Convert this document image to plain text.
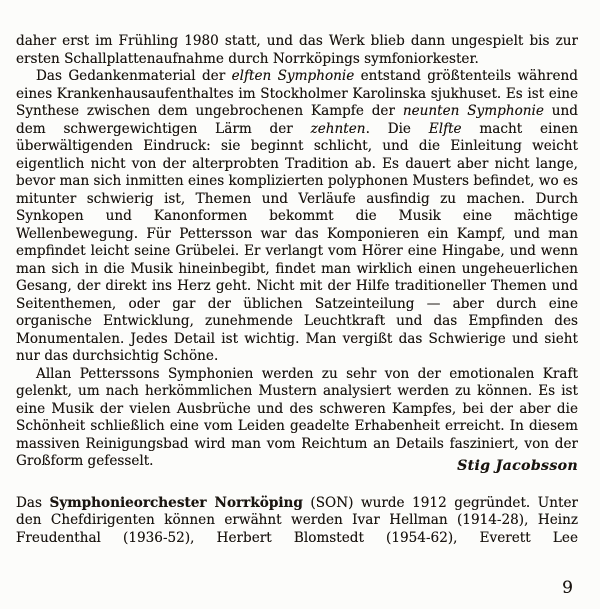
daher erst im Frühling 1980 statt, und das Werk blieb dann ungespielt bis zur ersten Schallplattenaufnahme durch Norrköpings symfoniorkester.

Das Gedankenmaterial der elften Symphonie entstand größtenteils während eines Krankenhausaufenthaltes im Stockholmer Karolinska sjukhuset. Es ist eine Synthese zwischen dem ungebrochenen Kampfe der neunten Symphonie und dem schwergewichtigen Lärm der zehnten. Die Elfte macht einen überwältigenden Eindruck: sie beginnt schlicht, und die Einleitung weicht eigentlich nicht von der alterprobten Tradition ab. Es dauert aber nicht lange, bevor man sich inmitten eines komplizierten polyphonen Musters befindet, wo es mitunter schwierig ist, Themen und Verläufe ausfindig zu machen. Durch Synkopen und Kanonformen bekommt die Musik eine mächtige Wellenbewegung. Für Pettersson war das Komponieren ein Kampf, und man empfindet leicht seine Grübelei. Er verlangt vom Hörer eine Hingabe, und wenn man sich in die Musik hineinbegibt, findet man wirklich einen ungeheuerlichen Gesang, der direkt ins Herz geht. Nicht mit der Hilfe traditioneller Themen und Seitenthemen, oder gar der üblichen Satzeinteilung — aber durch eine organische Entwicklung, zunehmende Leuchtkraft und das Empfinden des Monumentalen. Jedes Detail ist wichtig. Man vergißt das Schwierige und sieht nur das durchsichtig Schöne.

Allan Petterssons Symphonien werden zu sehr von der emotionalen Kraft gelenkt, um nach herkömmlichen Mustern analysiert werden zu können. Es ist eine Musik der vielen Ausbrüche und des schweren Kampfes, bei der aber die Schönheit schließlich eine vom Leiden geadelte Erhabenheit erreicht. In diesem massiven Reinigungsbad wird man vom Reichtum an Details fasziniert, von der Großform gefesselt.	Stig Jacobsson

Das Symphonieorchester Norrköping (SON) wurde 1912 gegründet. Unter den Chefdirigenten können erwähnt werden Ivar Hellman (1914-28), Heinz Freudenthal (1936-52), Herbert Blomstedt (1954-62), Everett Lee

9
